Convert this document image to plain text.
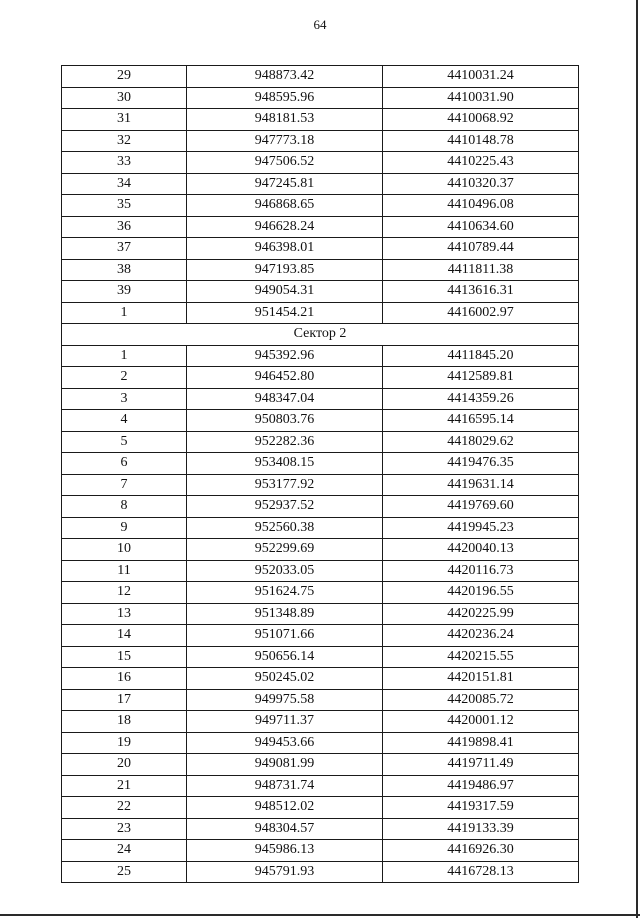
64
29	948873.42	4410031.24
30	948595.96	4410031.90
31	948181.53	4410068.92
32	947773.18	4410148.78
33	947506.52	4410225.43
34	947245.81	4410320.37
35	946868.65	4410496.08
36	946628.24	4410634.60
37	946398.01	4410789.44
38	947193.85	4411811.38
39	949054.31	4413616.31
1	951454.21	4416002.97
Сектор 2		
1	945392.96	4411845.20
2	946452.80	4412589.81
3	948347.04	4414359.26
4	950803.76	4416595.14
5	952282.36	4418029.62
6	953408.15	4419476.35
7	953177.92	4419631.14
8	952937.52	4419769.60
9	952560.38	4419945.23
10	952299.69	4420040.13
11	952033.05	4420116.73
12	951624.75	4420196.55
13	951348.89	4420225.99
14	951071.66	4420236.24
15	950656.14	4420215.55
16	950245.02	4420151.81
17	949975.58	4420085.72
18	949711.37	4420001.12
19	949453.66	4419898.41
20	949081.99	4419711.49
21	948731.74	4419486.97
22	948512.02	4419317.59
23	948304.57	4419133.39
24	945986.13	4416926.30
25	945791.93	4416728.13
